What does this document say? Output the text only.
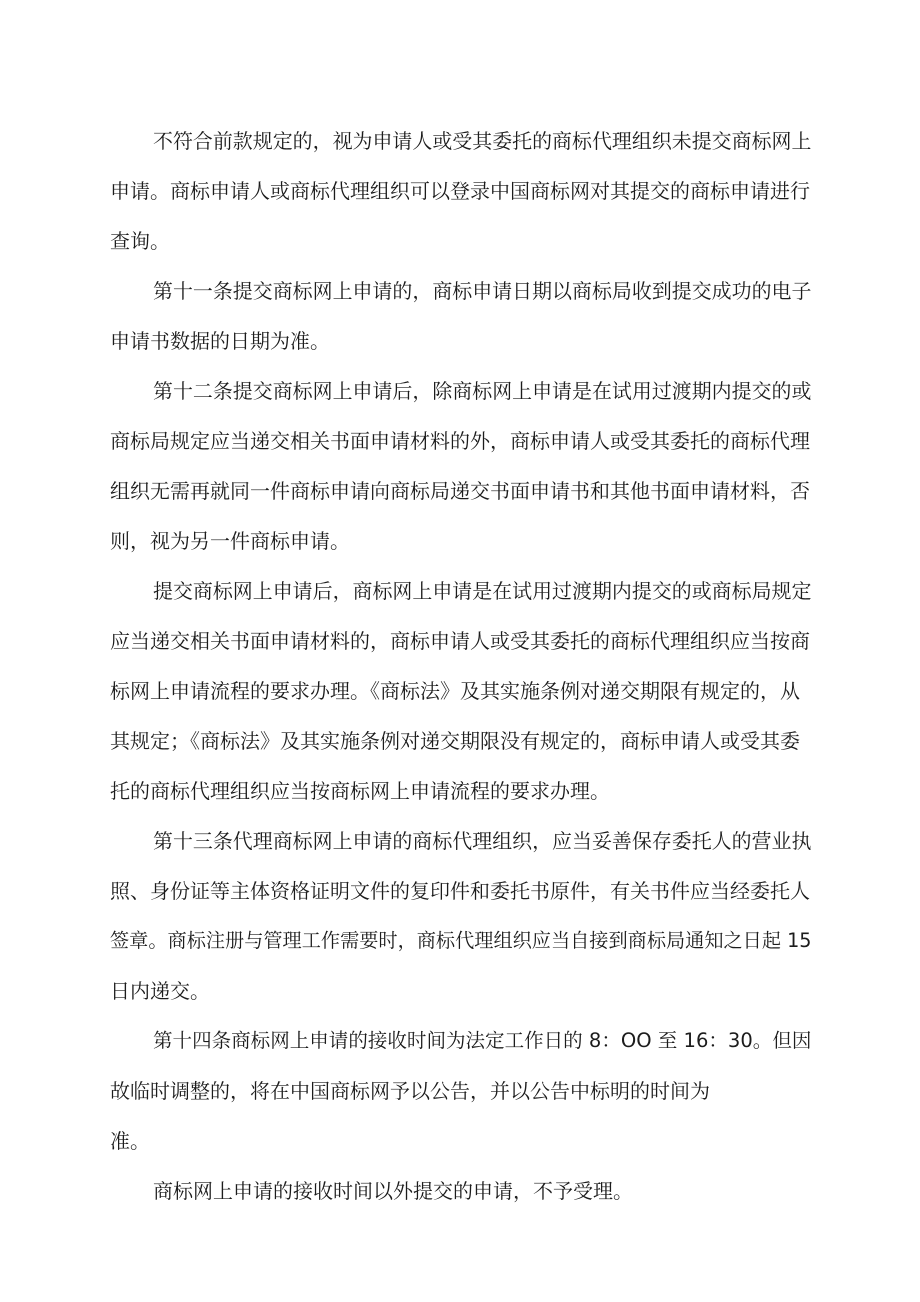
不符合前款规定的，视为申请人或受其委托的商标代理组织未提交商标网上
申请。商标申请人或商标代理组织可以登录中国商标网对其提交的商标申请进行
查询。
第十一条提交商标网上申请的，商标申请日期以商标局收到提交成功的电子
申请书数据的日期为准。
第十二条提交商标网上申请后，除商标网上申请是在试用过渡期内提交的或
商标局规定应当递交相关书面申请材料的外，商标申请人或受其委托的商标代理
组织无需再就同一件商标申请向商标局递交书面申请书和其他书面申请材料，否
则，视为另一件商标申请。
提交商标网上申请后，商标网上申请是在试用过渡期内提交的或商标局规定
应当递交相关书面申请材料的，商标申请人或受其委托的商标代理组织应当按商
标网上申请流程的要求办理。《商标法》及其实施条例对递交期限有规定的，从
其规定；《商标法》及其实施条例对递交期限没有规定的，商标申请人或受其委
托的商标代理组织应当按商标网上申请流程的要求办理。
第十三条代理商标网上申请的商标代理组织，应当妥善保存委托人的营业执
照、身份证等主体资格证明文件的复印件和委托书原件，有关书件应当经委托人
签章。商标注册与管理工作需要时，商标代理组织应当自接到商标局通知之日起 15
日内递交。
第十四条商标网上申请的接收时间为法定工作日的 8：OO 至 16：30。但因
故临时调整的，将在中国商标网予以公告，并以公告中标明的时间为
准。
商标网上申请的接收时间以外提交的申请，不予受理。
